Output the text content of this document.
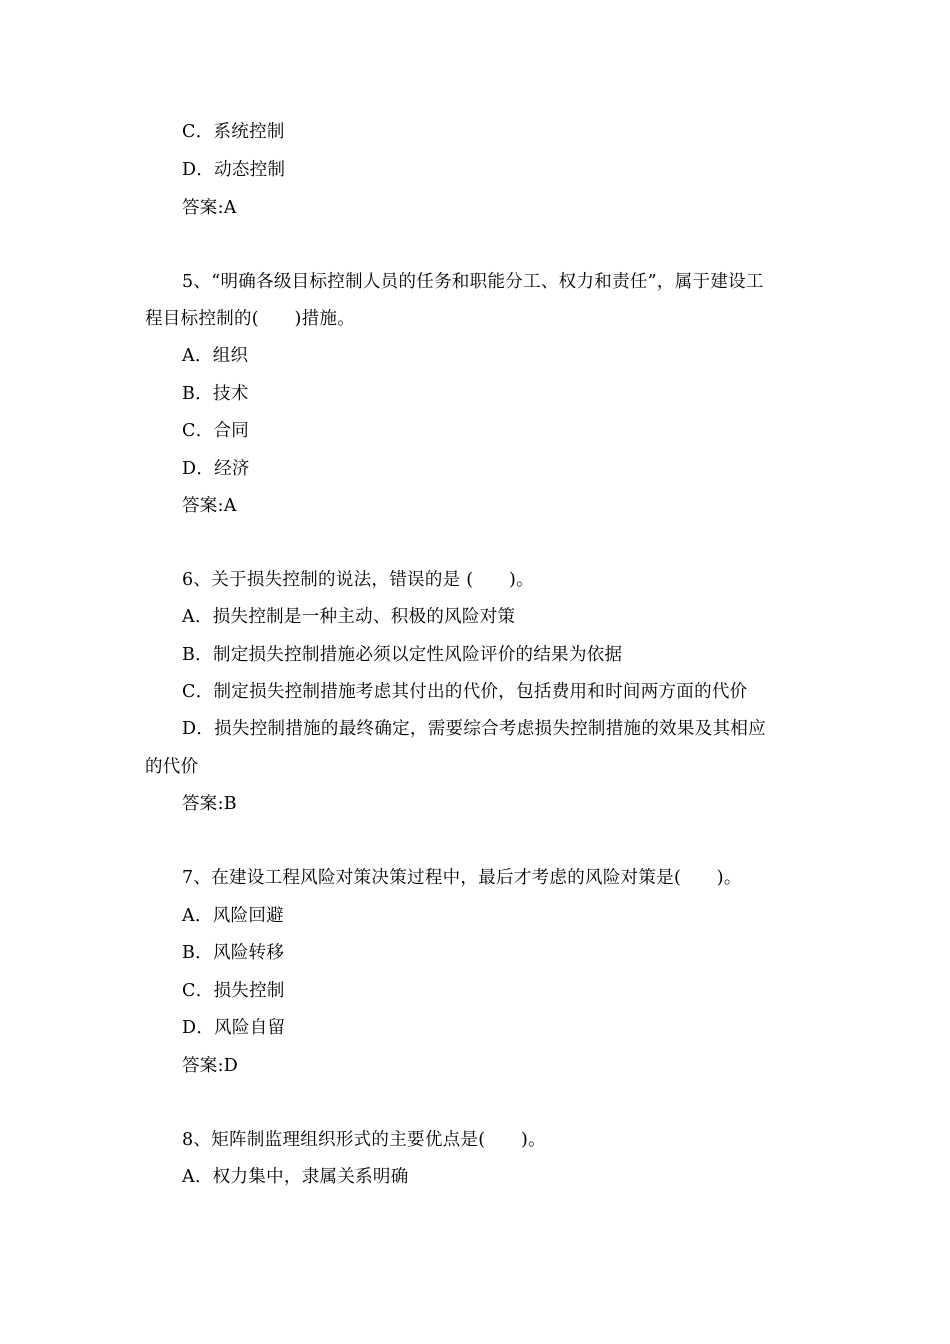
C．系统控制
D．动态控制
答案:A
5、“明确各级目标控制人员的任务和职能分工、权力和责任”，属于建设工
程目标控制的(　　)措施。
A．组织
B．技术
C．合同
D．经济
答案:A
6、关于损失控制的说法，错误的是 (　　)。
A．损失控制是一种主动、积极的风险对策
B．制定损失控制措施必须以定性风险评价的结果为依据
C．制定损失控制措施考虑其付出的代价，包括费用和时间两方面的代价
D．损失控制措施的最终确定，需要综合考虑损失控制措施的效果及其相应
的代价
答案:B
7、在建设工程风险对策决策过程中，最后才考虑的风险对策是(　　)。
A．风险回避
B．风险转移
C．损失控制
D．风险自留
答案:D
8、矩阵制监理组织形式的主要优点是(　　)。
A．权力集中，隶属关系明确
